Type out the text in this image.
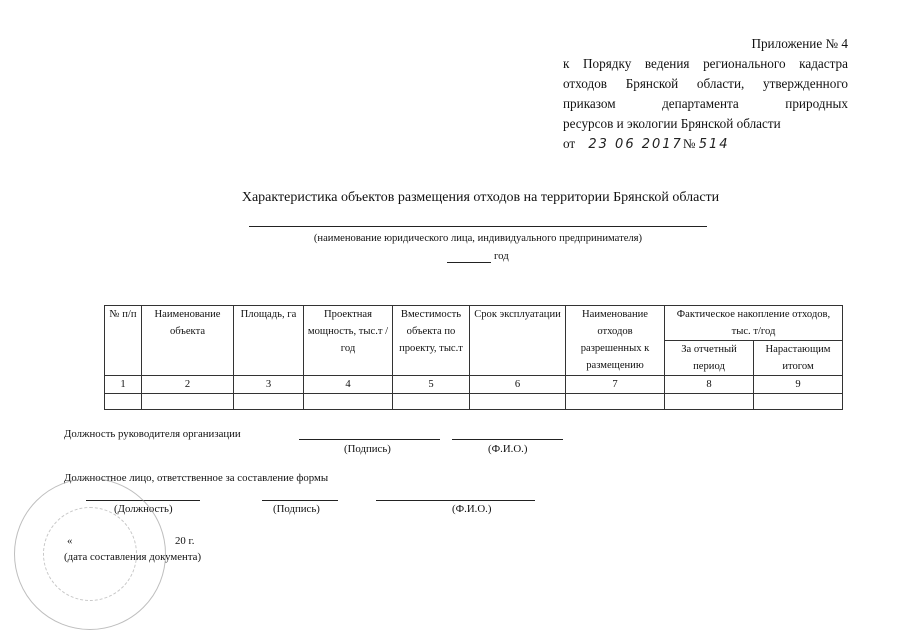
Приложение № 4
к Порядку ведения регионального кадастра
отходов Брянской области, утвержденного
приказом департамента природных
ресурсов и экологии Брянской области
от 23 06 2017№ 514
Характеристика объектов размещения отходов на территории Брянской области
(наименование юридического лица, индивидуального предпринимателя)
год
№ п/п	Наименование объекта	Площадь, га	Проектная мощность, тыс.т / год	Вместимость объекта по проекту, тыс.т	Срок эксплуатации	Наименование отходов разрешенных к размещению	Фактическое накопление отходов, тыс. т/год	
							За отчетный период	Нарастающим итогом
1	2	3	4	5	6	7	8	9

Должность руководителя организации
(Подпись)	(Ф.И.О.)
Должностное лицо, ответственное за составление формы
(Должность)	(Подпись)	(Ф.И.О.)
«	20 г.
(дата составления документа)
